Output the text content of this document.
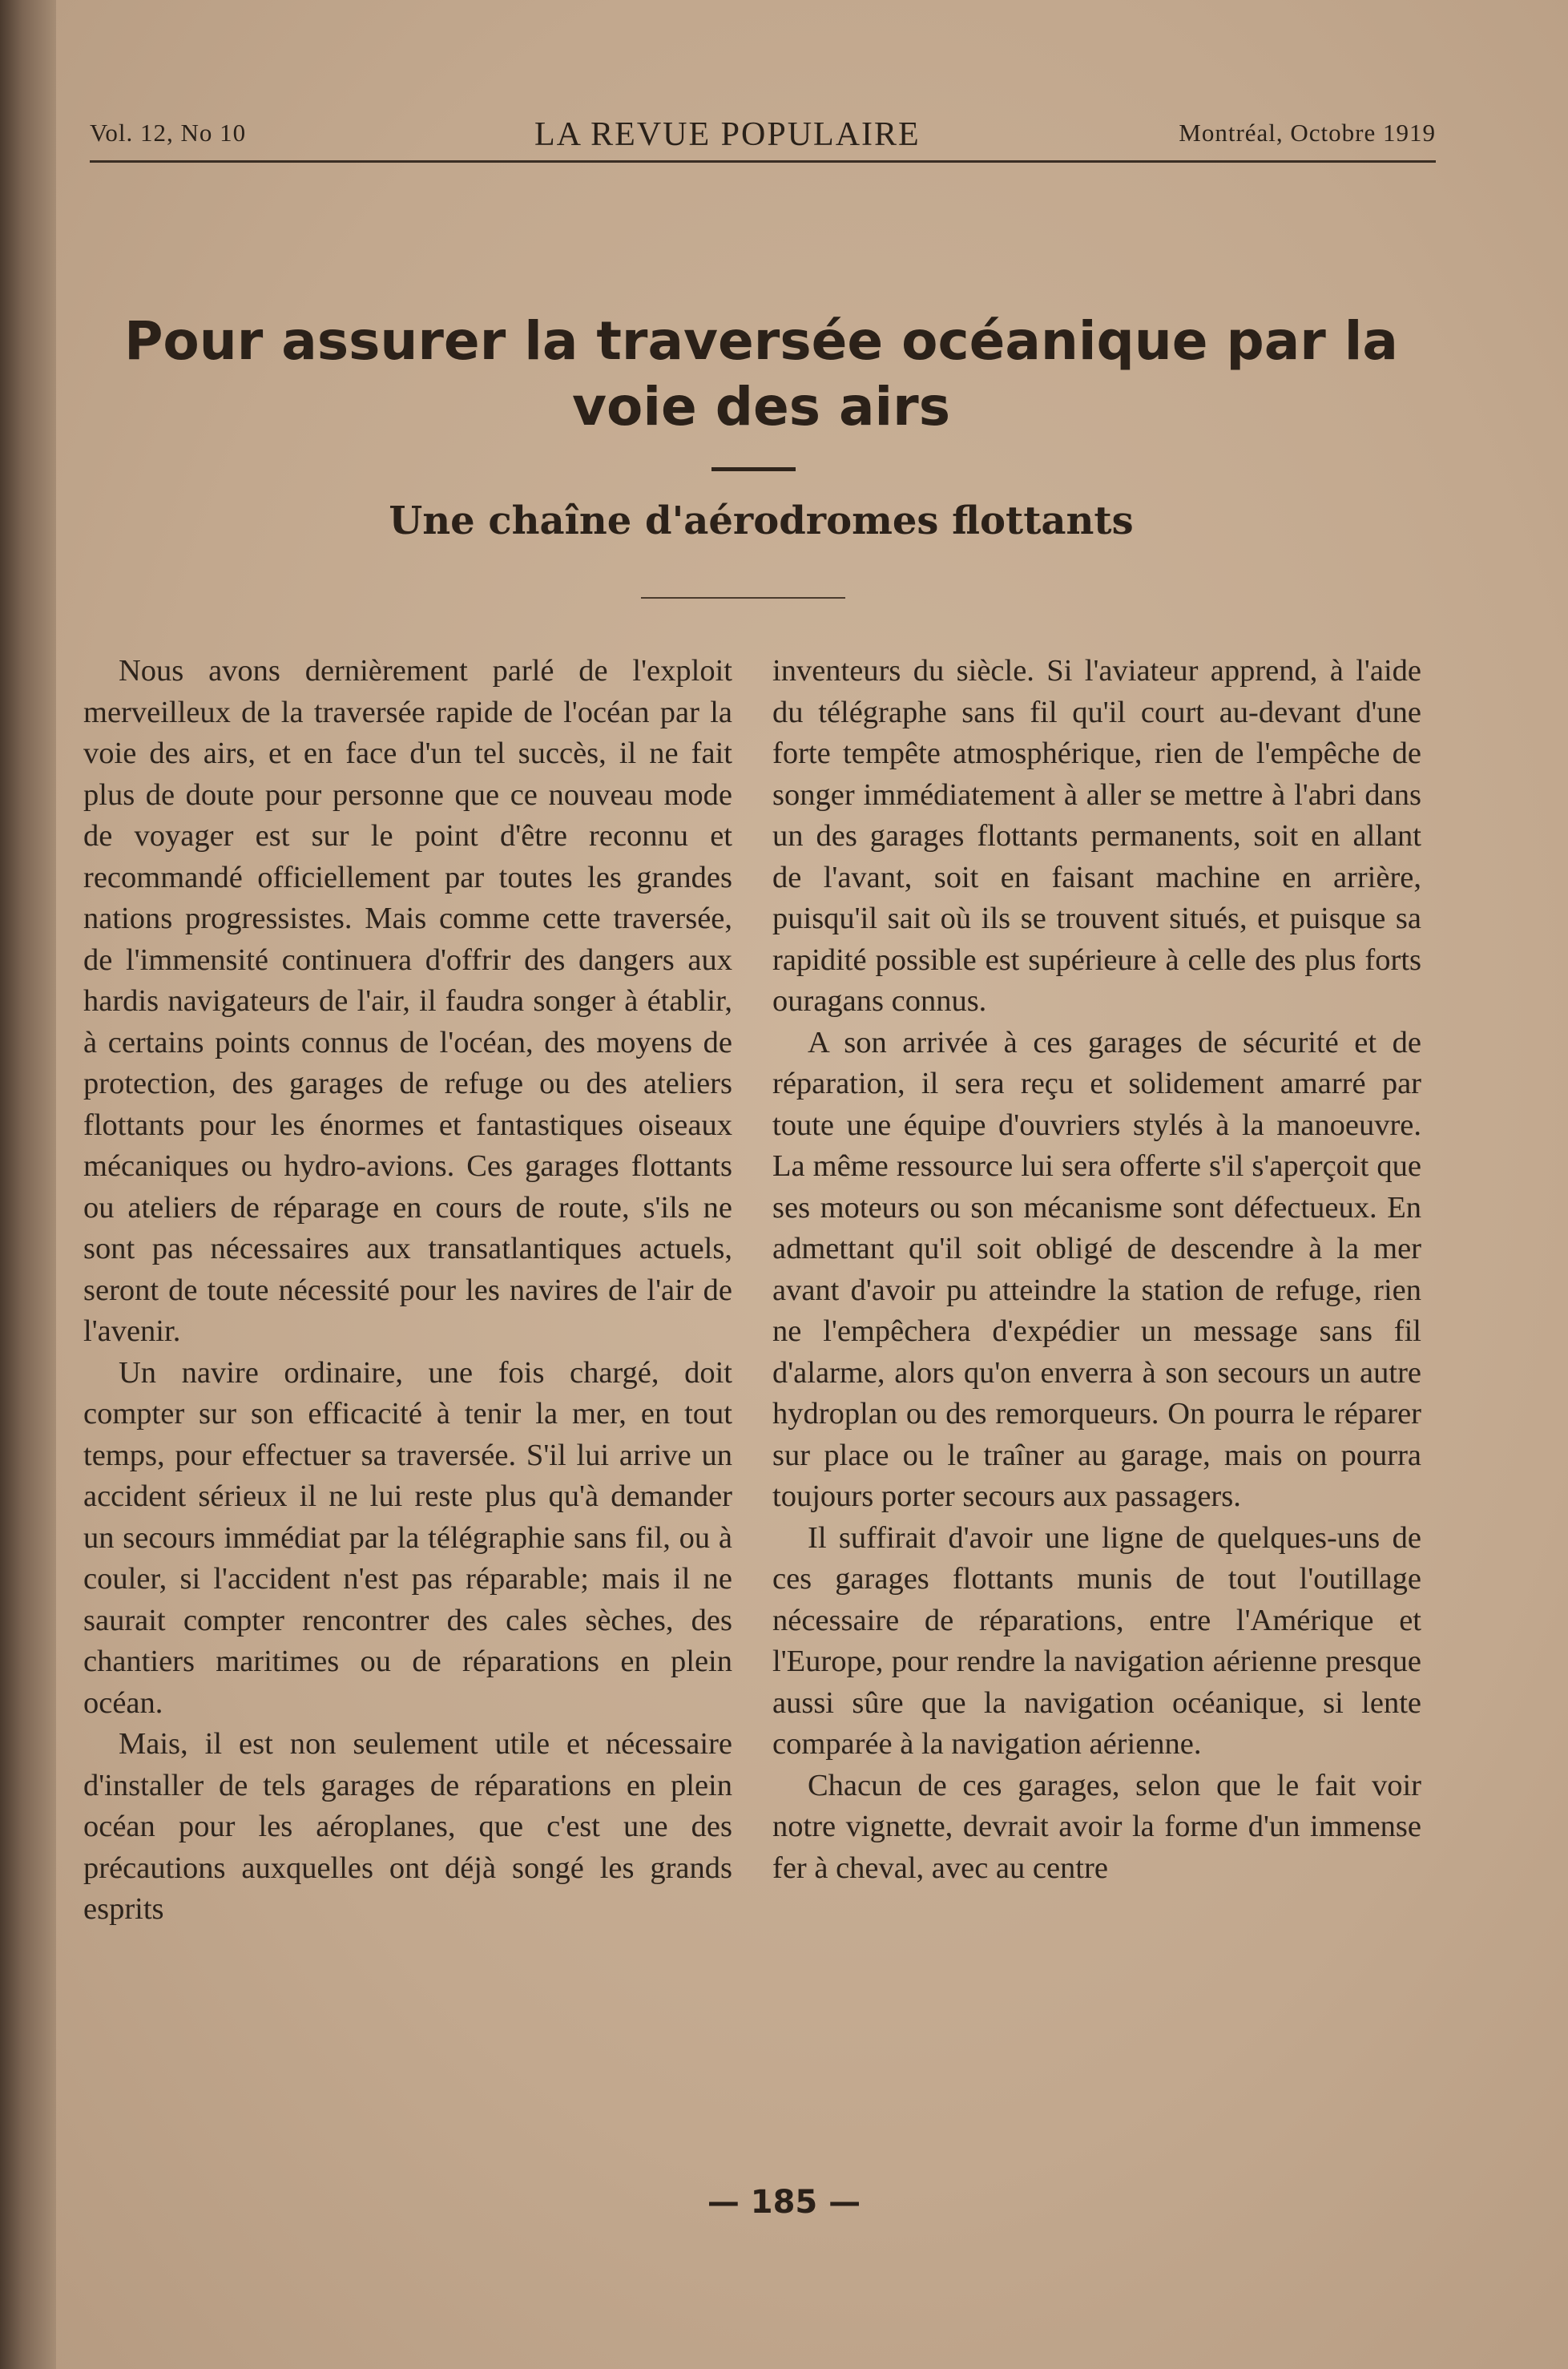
Vol. 12, No 10	LA REVUE POPULAIRE	Montréal, Octobre 1919
Pour assurer la traversée océanique par la voie des airs
Une chaîne d'aérodromes flottants

Nous avons dernièrement parlé de l'exploit merveilleux de la traversée rapide de l'océan par la voie des airs, et en face d'un tel succès, il ne fait plus de doute pour personne que ce nouveau mode de voyager est sur le point d'être reconnu et recommandé officiellement par toutes les grandes nations progressistes. Mais comme cette traversée, de l'immensité continuera d'offrir des dangers aux hardis navigateurs de l'air, il faudra songer à établir, à certains points connus de l'océan, des moyens de protection, des garages de refuge ou des ateliers flottants pour les énormes et fantastiques oiseaux mécaniques ou hydro-avions. Ces garages flottants ou ateliers de réparage en cours de route, s'ils ne sont pas nécessaires aux transatlantiques actuels, seront de toute nécessité pour les navires de l'air de l'avenir.

Un navire ordinaire, une fois chargé, doit compter sur son efficacité à tenir la mer, en tout temps, pour effectuer sa traversée. S'il lui arrive un accident sérieux il ne lui reste plus qu'à demander un secours immédiat par la télégraphie sans fil, ou à couler, si l'accident n'est pas réparable; mais il ne saurait compter rencontrer des cales sèches, des chantiers maritimes ou de réparations en plein océan.

Mais, il est non seulement utile et nécessaire d'installer de tels garages de réparations en plein océan pour les aéroplanes, que c'est une des précautions auxquelles ont déjà songé les grands esprits

inventeurs du siècle. Si l'aviateur apprend, à l'aide du télégraphe sans fil qu'il court au-devant d'une forte tempête atmosphérique, rien de l'empêche de songer immédiatement à aller se mettre à l'abri dans un des garages flottants permanents, soit en allant de l'avant, soit en faisant machine en arrière, puisqu'il sait où ils se trouvent situés, et puisque sa rapidité possible est supérieure à celle des plus forts ouragans connus.

A son arrivée à ces garages de sécurité et de réparation, il sera reçu et solidement amarré par toute une équipe d'ouvriers stylés à la manoeuvre. La même ressource lui sera offerte s'il s'aperçoit que ses moteurs ou son mécanisme sont défectueux. En admettant qu'il soit obligé de descendre à la mer avant d'avoir pu atteindre la station de refuge, rien ne l'empêchera d'expédier un message sans fil d'alarme, alors qu'on enverra à son secours un autre hydroplan ou des remorqueurs. On pourra le réparer sur place ou le traîner au garage, mais on pourra toujours porter secours aux passagers.

Il suffirait d'avoir une ligne de quelques-uns de ces garages flottants munis de tout l'outillage nécessaire de réparations, entre l'Amérique et l'Europe, pour rendre la navigation aérienne presque aussi sûre que la navigation océanique, si lente comparée à la navigation aérienne.

Chacun de ces garages, selon que le fait voir notre vignette, devrait avoir la forme d'un immense fer à cheval, avec au centre

— 185 —
